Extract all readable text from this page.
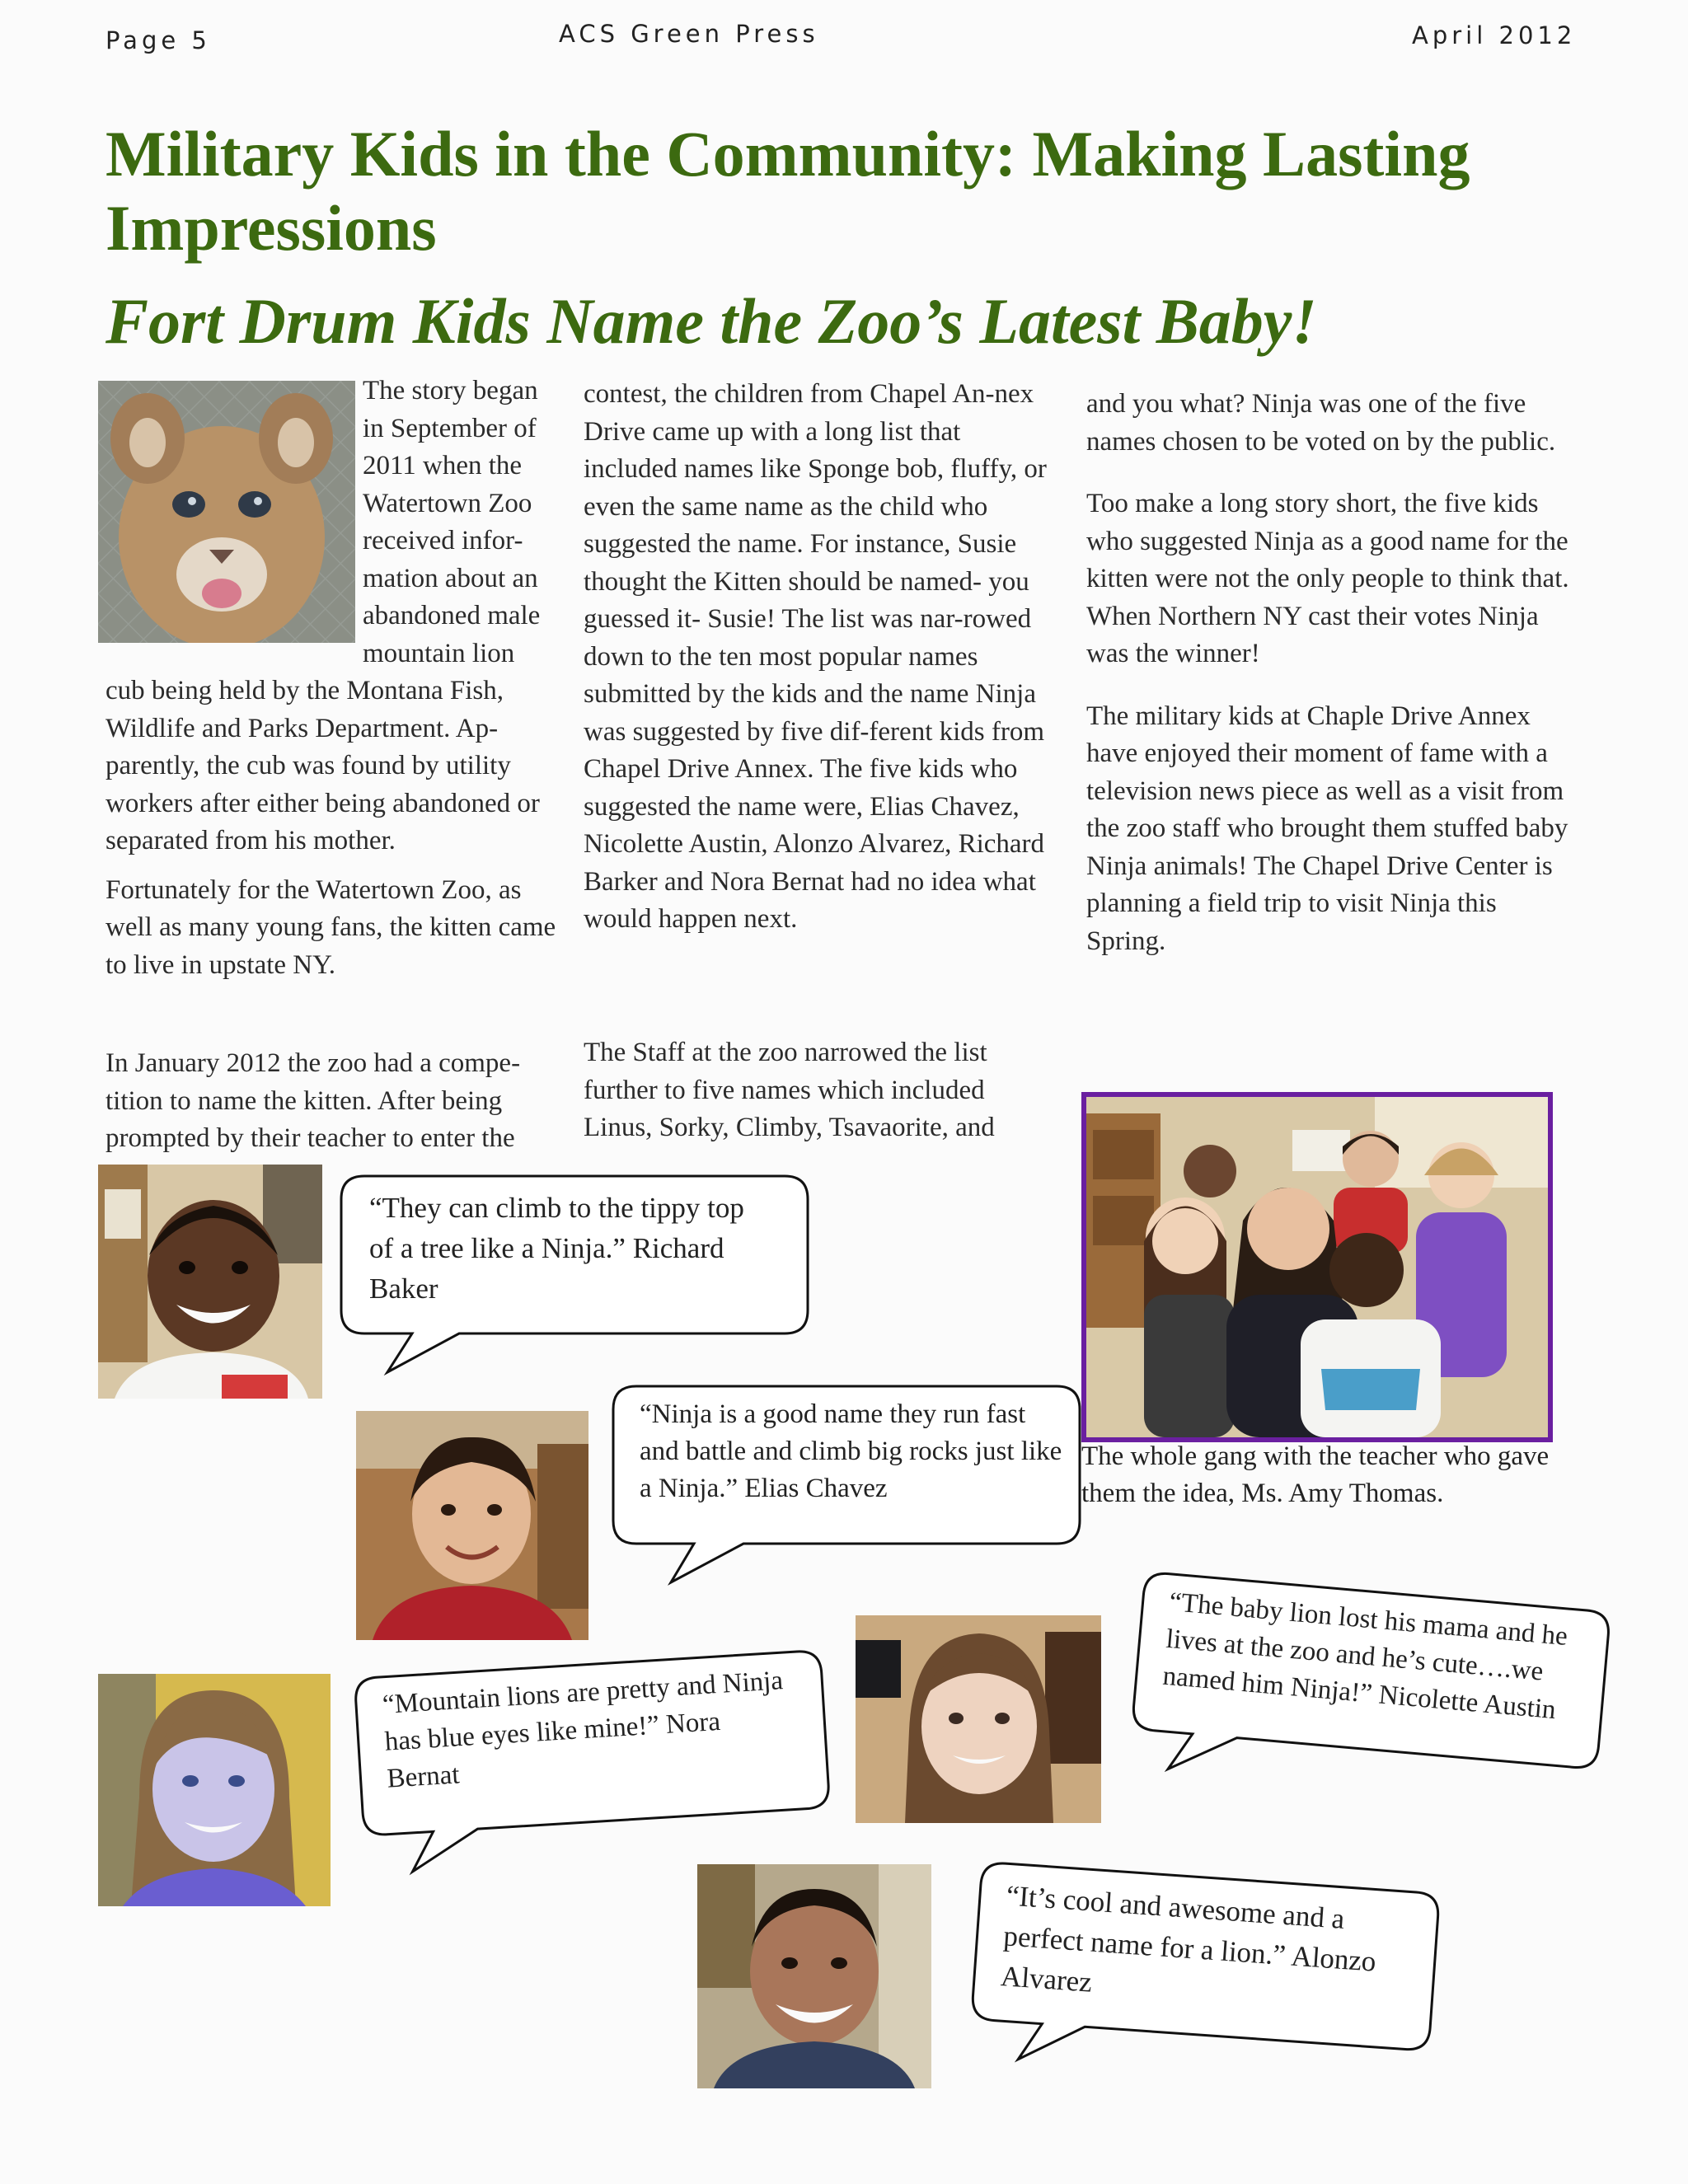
Page 5	ACS Green Press	April 2012
Military Kids in the Community: Making Lasting Impressions
Fort Drum Kids Name the Zoo’s Latest Baby!
The story began in September of 2011 when the Watertown Zoo received infor-mation about an abandoned male mountain lion

cub being held by the Montana Fish, Wildlife and Parks Department. Ap-parently, the cub was found by utility workers after either being abandoned or separated from his mother.

Fortunately for the Watertown Zoo, as well as many young fans, the kitten came to live in upstate NY.

In January 2012 the zoo had a compe-tition to name the kitten. After being prompted by their teacher to enter the
contest, the children from Chapel An-nex Drive came up with a long list that included names like Sponge bob, fluffy, or even the same name as the child who suggested the name. For instance, Susie thought the Kitten should be named- you guessed it- Susie! The list was nar-rowed down to the ten most popular names submitted by the kids and the name Ninja was suggested by five dif-ferent kids from Chapel Drive Annex. The five kids who suggested the name were, Elias Chavez, Nicolette Austin, Alonzo Alvarez, Richard Barker and Nora Bernat had no idea what would happen next.
The Staff at the zoo narrowed the list further to five names which included Linus, Sorky, Climby, Tsavaorite, and

and you what? Ninja was one of the five names chosen to be voted on by the public.

Too make a long story short, the five kids who suggested Ninja as a good name for the kitten were not the only people to think that. When Northern NY cast their votes Ninja was the winner!

The military kids at Chaple Drive Annex have enjoyed their moment of fame with a television news piece as well as a visit from the zoo staff who brought them stuffed baby Ninja animals! The Chapel Drive Center is planning a field trip to visit Ninja this Spring.

The whole gang with the teacher who gave them the idea, Ms. Amy Thomas.

“They can climb to the tippy top of a tree like a Ninja.” Richard Baker

“Ninja is a good name they run fast and battle and climb big rocks just like a Ninja.” Elias Chavez

“The baby lion lost his mama and he lives at the zoo and he’s cute….we named him Ninja!” Nicolette Austin

“Mountain lions are pretty and Ninja has blue eyes like mine!” Nora Bernat

“It’s cool and awesome and a perfect name for a lion.” Alonzo Alvarez
